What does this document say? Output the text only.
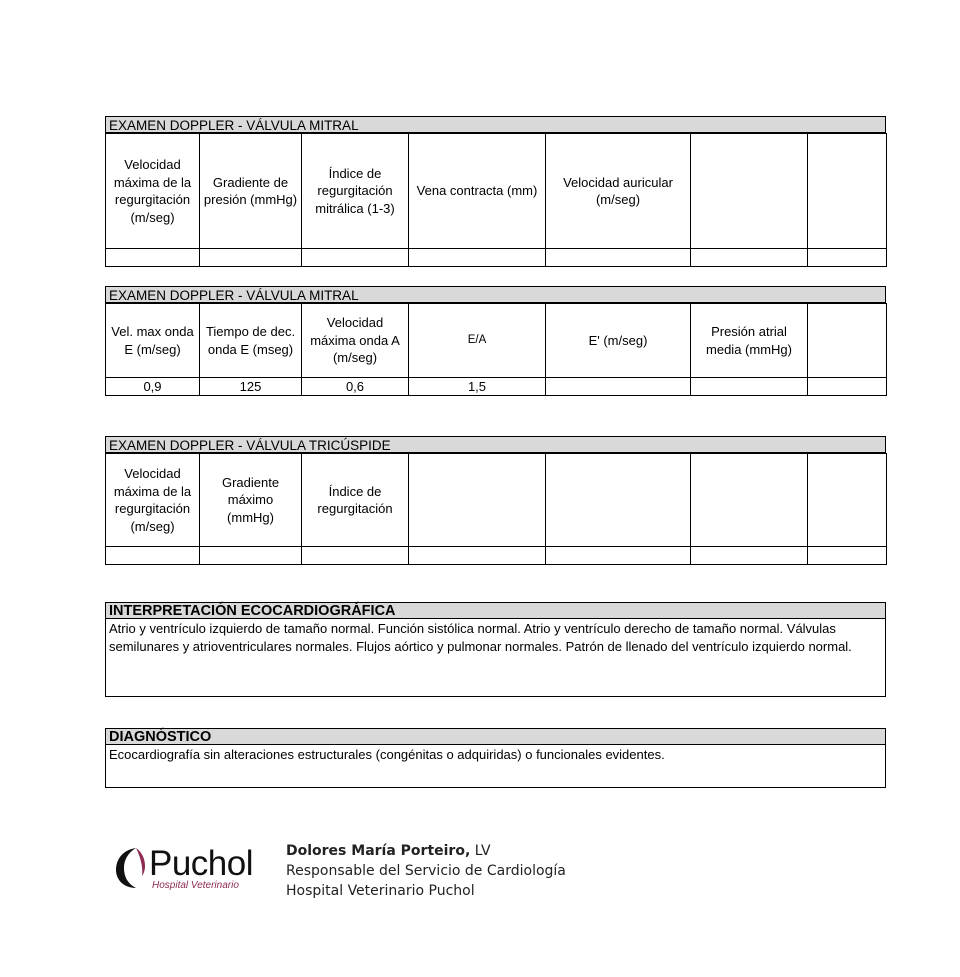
EXAMEN DOPPLER - VÁLVULA MITRAL
Velocidad máxima de la regurgitación (m/seg)	Gradiente de presión (mmHg)	Índice de regurgitación mitrálica (1-3)	Vena contracta (mm)	Velocidad auricular (m/seg)		

EXAMEN DOPPLER - VÁLVULA MITRAL
Vel. max onda E (m/seg)	Tiempo de dec. onda E (mseg)	Velocidad máxima onda A (m/seg)	E/A	E' (m/seg)	Presión atrial media (mmHg)	
0,9	125	0,6	1,5			
EXAMEN DOPPLER - VÁLVULA TRICÚSPIDE
Velocidad máxima de la regurgitación (m/seg)	Gradiente máximo (mmHg)	Índice de regurgitación				

INTERPRETACIÓN ECOCARDIOGRÁFICA
Atrio y ventrículo izquierdo de tamaño normal. Función sistólica normal. Atrio y ventrículo derecho de tamaño normal. Válvulas semilunares y atrioventriculares normales. Flujos aórtico y pulmonar normales. Patrón de llenado del ventrículo izquierdo normal.
DIAGNÓSTICO
Ecocardiografía sin alteraciones estructurales (congénitas o adquiridas) o funcionales evidentes.
Puchol
Hospital Veterinario
Dolores María Porteiro, LV
Responsable del Servicio de Cardiología
Hospital Veterinario Puchol
